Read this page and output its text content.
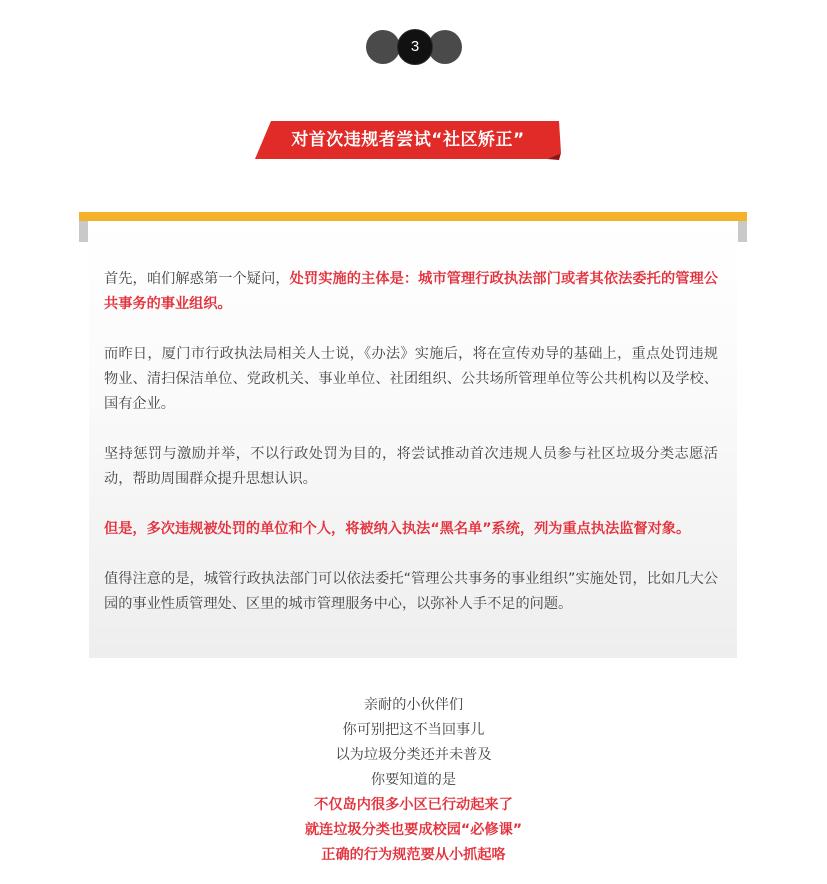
3
对首次违规者尝试“社区矫正”

首先，咱们解惑第一个疑问，处罚实施的主体是：城市管理行政执法部门或者其依法委托的管理公共事务的事业组织。

而昨日，厦门市行政执法局相关人士说，《办法》实施后，将在宣传劝导的基础上，重点处罚违规物业、清扫保洁单位、党政机关、事业单位、社团组织、公共场所管理单位等公共机构以及学校、国有企业。

坚持惩罚与激励并举，不以行政处罚为目的，将尝试推动首次违规人员参与社区垃圾分类志愿活动，帮助周围群众提升思想认识。

但是，多次违规被处罚的单位和个人，将被纳入执法“黑名单”系统，列为重点执法监督对象。

值得注意的是，城管行政执法部门可以依法委托“管理公共事务的事业组织”实施处罚，比如几大公园的事业性质管理处、区里的城市管理服务中心，以弥补人手不足的问题。

亲耐的小伙伴们
你可别把这不当回事儿
以为垃圾分类还并未普及
你要知道的是
不仅岛内很多小区已行动起来了
就连垃圾分类也要成校园“必修课”
正确的行为规范要从小抓起咯
